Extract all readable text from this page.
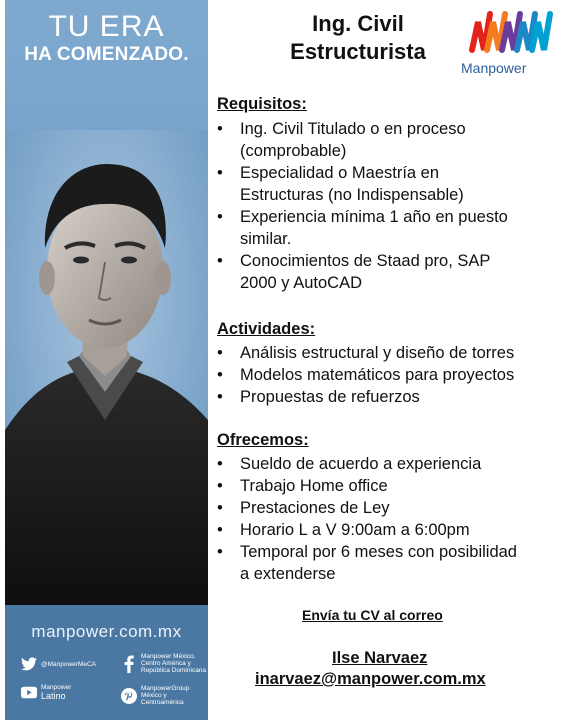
TU ERA
HA COMENZADO.
manpower.com.mx
@ManpowerMeCA
Manpower México,
Centro América y
República Dominicana
Manpower
Latino
ManpowerGroup
México y Centroamérica
Ing. Civil
Estructurista
Manpower
Requisitos:
• Ing. Civil Titulado o en proceso
(comprobable)
• Especialidad o Maestría en
Estructuras (no Indispensable)
• Experiencia mínima 1 año en puesto
similar.
• Conocimientos de Staad pro, SAP
2000 y AutoCAD
Actividades:
• Análisis estructural y diseño de torres
• Modelos matemáticos para proyectos
• Propuestas de refuerzos
Ofrecemos:
• Sueldo de acuerdo a experiencia
• Trabajo Home office
• Prestaciones de Ley
• Horario L a V 9:00am a 6:00pm
• Temporal por 6 meses con posibilidad
a extenderse
Envía tu CV al correo
Ilse Narvaez
inarvaez@manpower.com.mx
